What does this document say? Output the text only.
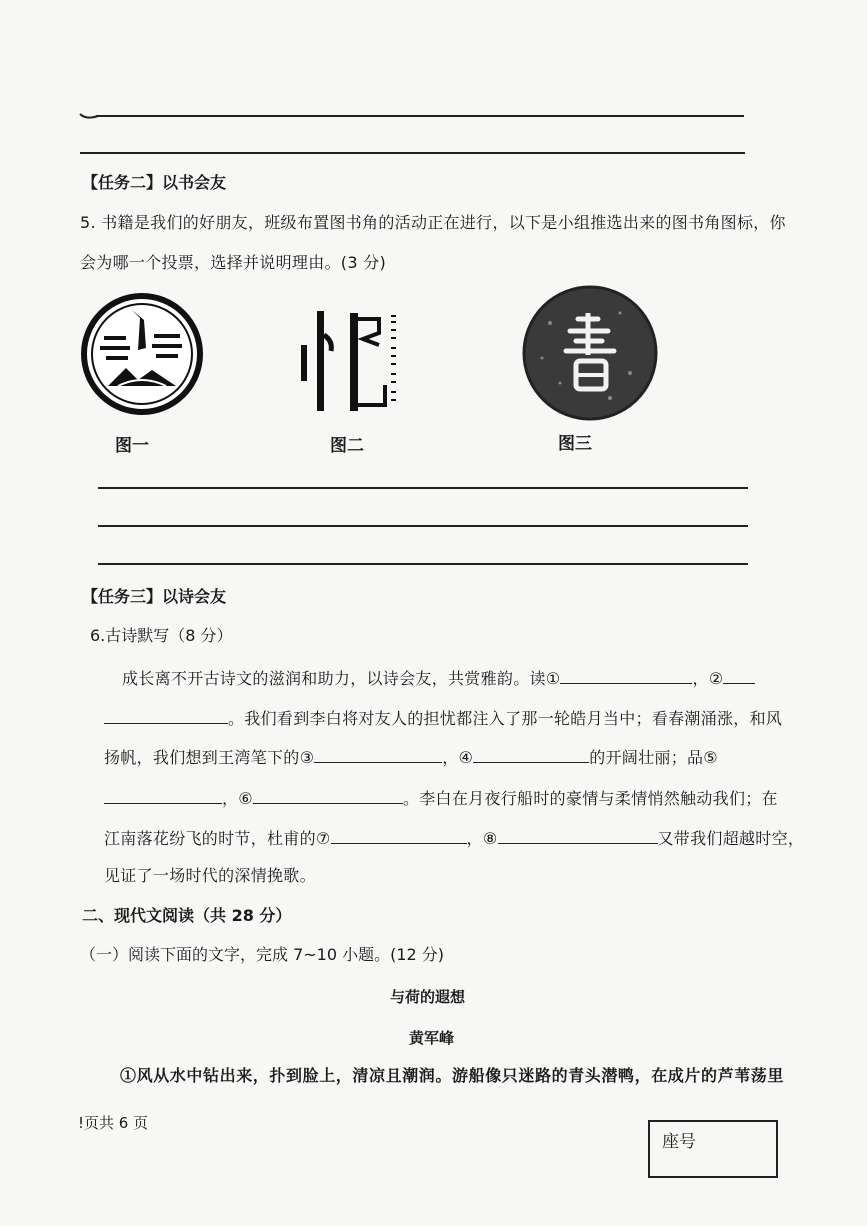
【任务二】以书会友
5. 书籍是我们的好朋友，班级布置图书角的活动正在进行，以下是小组推选出来的图书角图标，你
会为哪一个投票，选择并说明理由。(3 分)
图一	图二	图三
【任务三】以诗会友
6.古诗默写（8 分）
成长离不开古诗文的滋润和助力，以诗会友，共赏雅韵。读①	，②
。我们看到李白将对友人的担忧都注入了那一轮皓月当中；看春潮涌涨，和风
扬帆，我们想到王湾笔下的③	，④	的开阔壮丽；品⑤
，⑥	。李白在月夜行船时的豪情与柔情悄然触动我们；在
江南落花纷飞的时节，杜甫的⑦	，⑧	又带我们超越时空，
见证了一场时代的深情挽歌。
二、现代文阅读（共 28 分）
（一）阅读下面的文字，完成 7~10 小题。(12 分)
与荷的遐想
黄军峰
①风从水中钻出来，扑到脸上，清凉且潮润。游船像只迷路的青头潜鸭，在成片的芦苇荡里
!页共 6 页
座号
